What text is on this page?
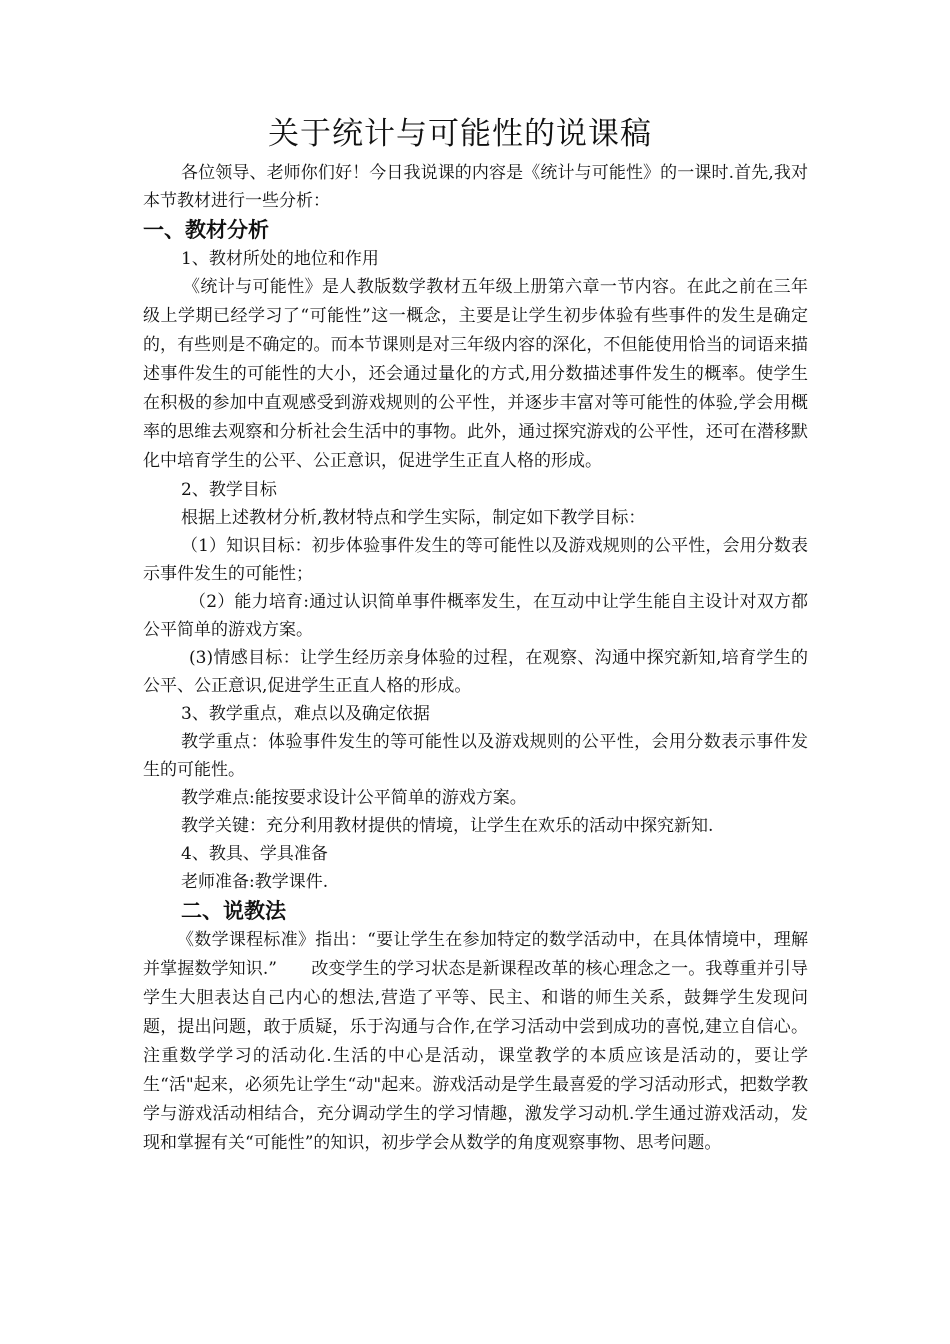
关于统计与可能性的说课稿

各位领导、老师你们好！今日我说课的内容是《统计与可能性》的一课时.首先,我对本节教材进行一些分析：

一、教材分析

1、教材所处的地位和作用

《统计与可能性》是人教版数学教材五年级上册第六章一节内容。在此之前在三年级上学期已经学习了“可能性”这一概念，主要是让学生初步体验有些事件的发生是确定的，有些则是不确定的。而本节课则是对三年级内容的深化，不但能使用恰当的词语来描述事件发生的可能性的大小，还会通过量化的方式,用分数描述事件发生的概率。使学生在积极的参加中直观感受到游戏规则的公平性，并逐步丰富对等可能性的体验,学会用概率的思维去观察和分析社会生活中的事物。此外，通过探究游戏的公平性，还可在潜移默化中培育学生的公平、公正意识，促进学生正直人格的形成。

2、教学目标

根据上述教材分析,教材特点和学生实际，制定如下教学目标：

（1）知识目标：初步体验事件发生的等可能性以及游戏规则的公平性，会用分数表示事件发生的可能性；

（2）能力培育:通过认识简单事件概率发生，在互动中让学生能自主设计对双方都公平简单的游戏方案。

(3)情感目标：让学生经历亲身体验的过程，在观察、沟通中探究新知,培育学生的公平、公正意识,促进学生正直人格的形成。

3、教学重点，难点以及确定依据

教学重点：体验事件发生的等可能性以及游戏规则的公平性，会用分数表示事件发生的可能性。

教学难点:能按要求设计公平简单的游戏方案。

教学关键：充分利用教材提供的情境，让学生在欢乐的活动中探究新知.

4、教具、学具准备

老师准备:教学课件.

二、说教法

《数学课程标准》指出：“要让学生在参加特定的数学活动中，在具体情境中，理解并掌握数学知识.”　　改变学生的学习状态是新课程改革的核心理念之一。我尊重并引导学生大胆表达自己内心的想法,营造了平等、民主、和谐的师生关系，鼓舞学生发现问题，提出问题，敢于质疑，乐于沟通与合作,在学习活动中尝到成功的喜悦,建立自信心。注重数学学习的活动化.生活的中心是活动，课堂教学的本质应该是活动的，要让学生“活"起来，必须先让学生“动"起来。游戏活动是学生最喜爱的学习活动形式，把数学教学与游戏活动相结合，充分调动学生的学习情趣，激发学习动机.学生通过游戏活动，发现和掌握有关“可能性”的知识，初步学会从数学的角度观察事物、思考问题。
